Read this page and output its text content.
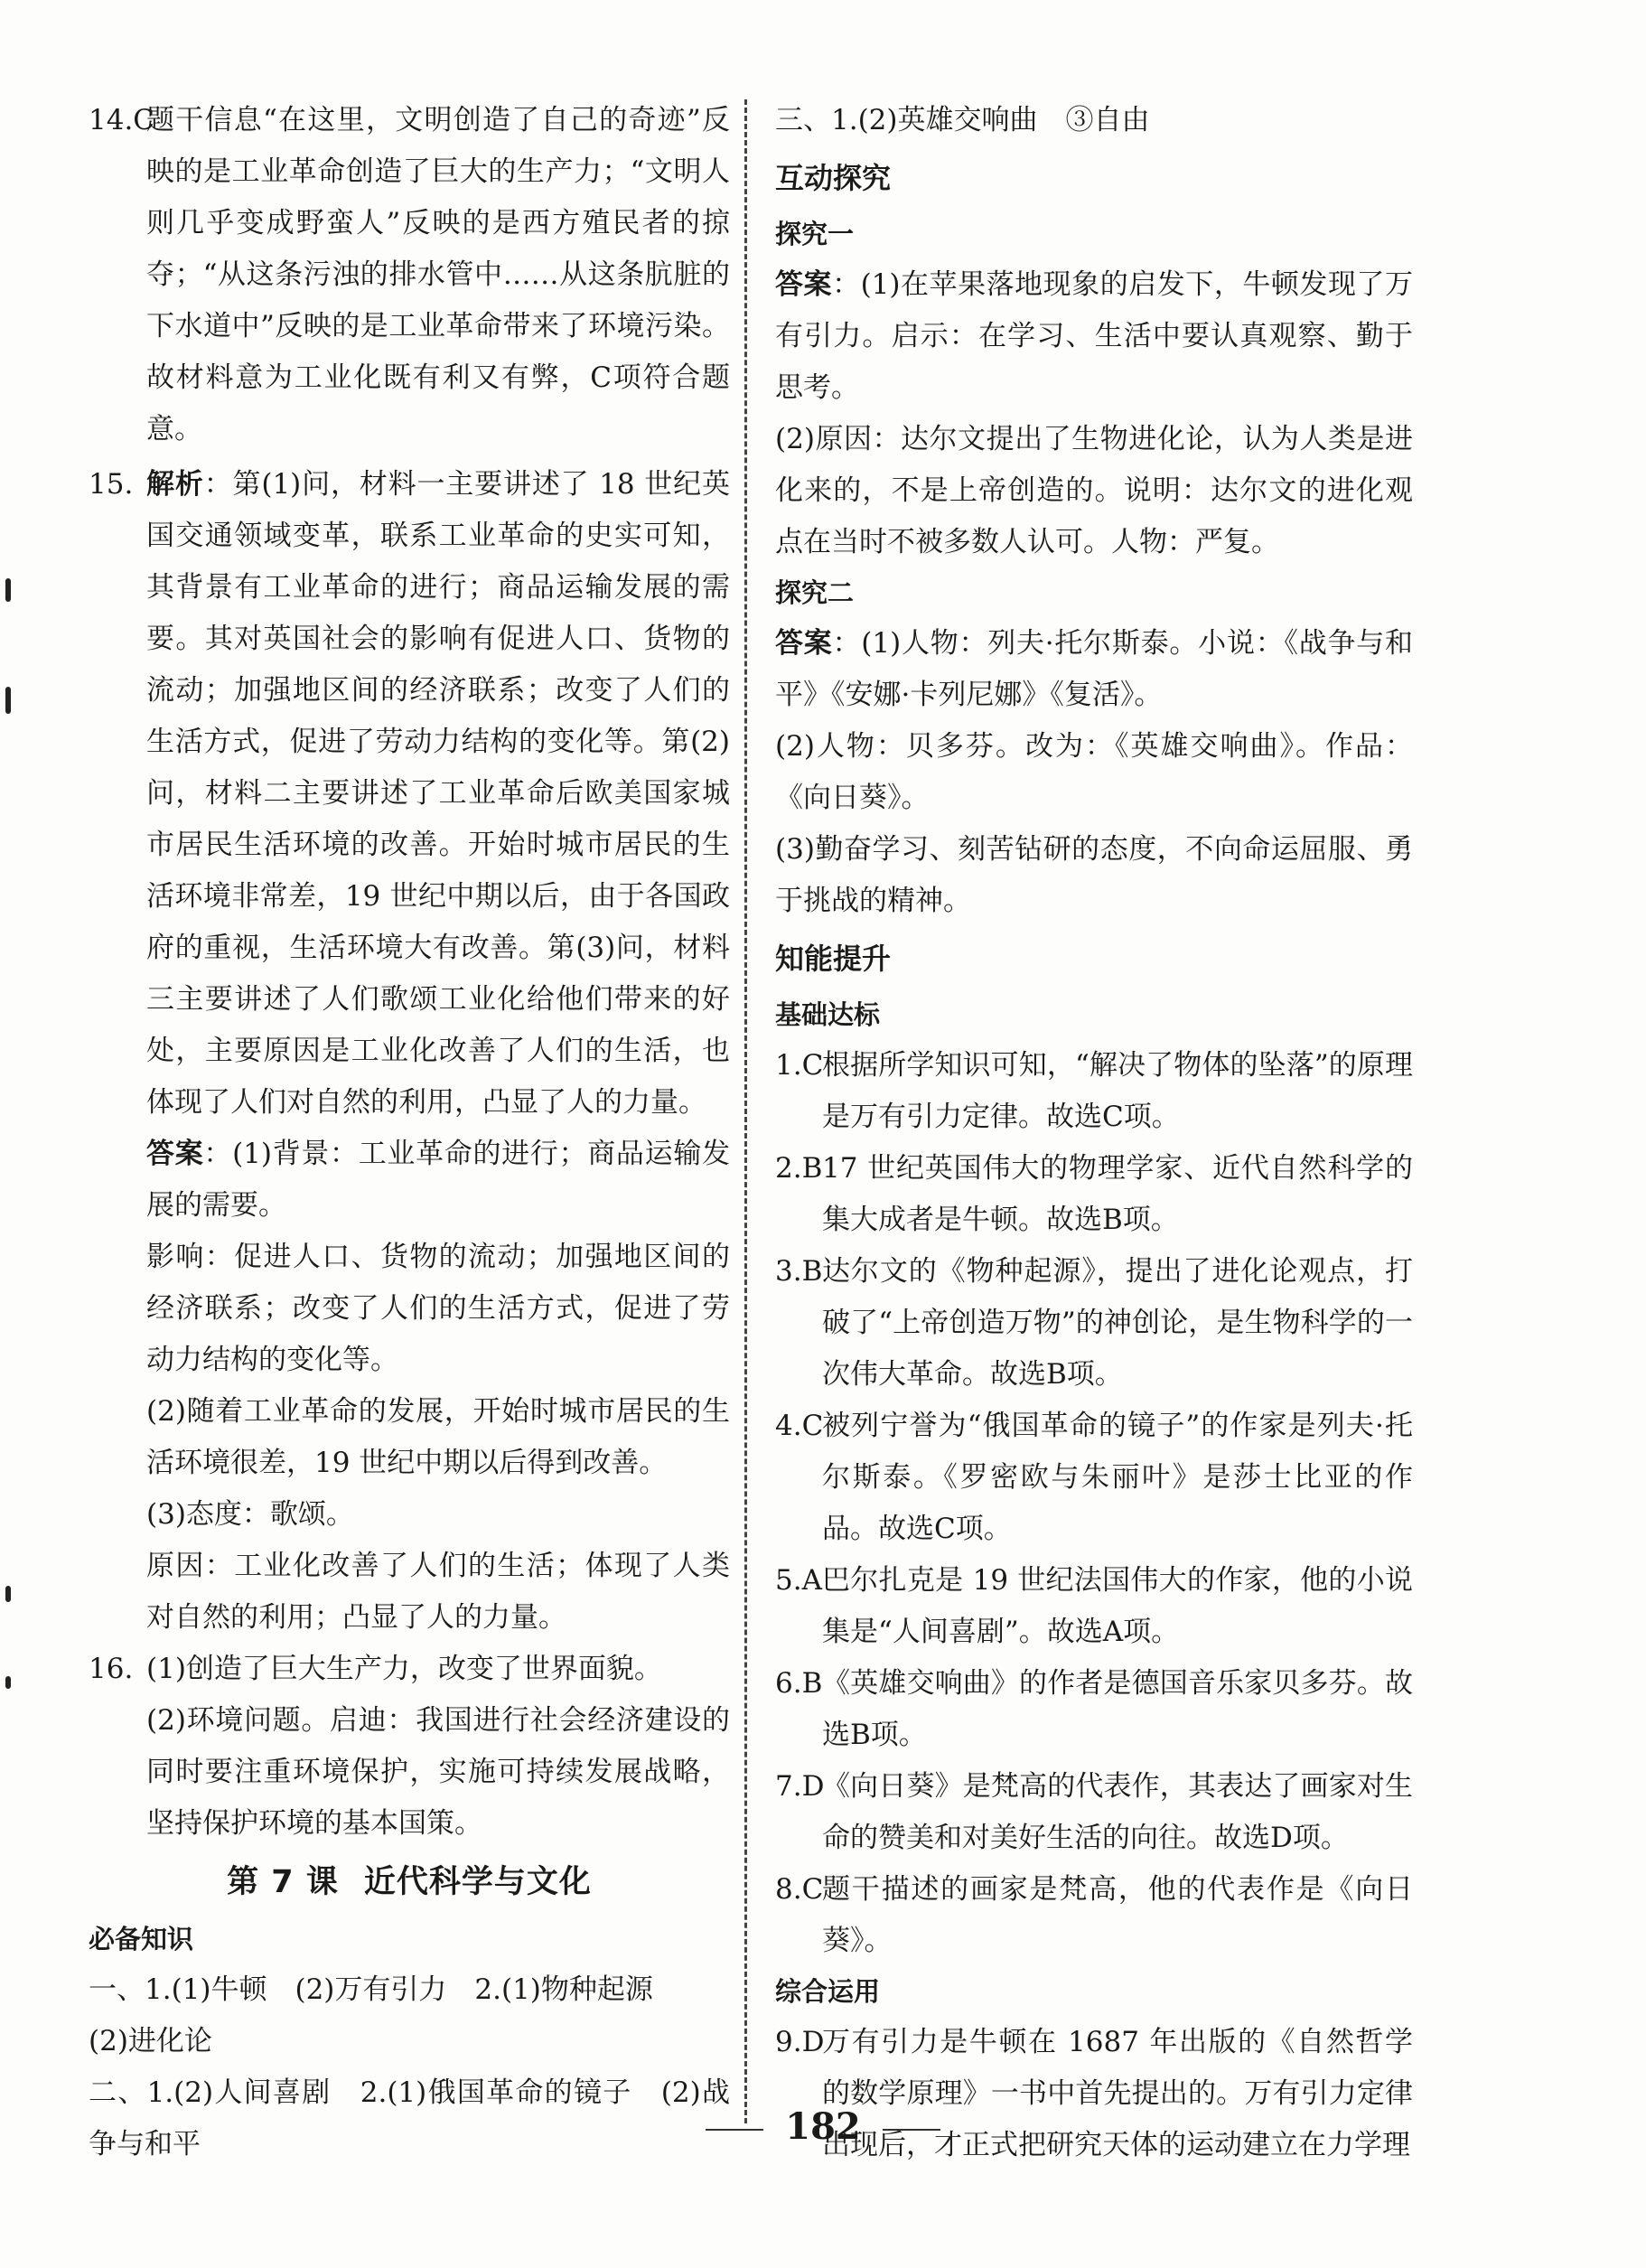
14.C
题干信息“在这里，文明创造了自己的奇迹”反映的是工业革命创造了巨大的生产力；“文明人则几乎变成野蛮人”反映的是西方殖民者的掠夺；“从这条污浊的排水管中……从这条肮脏的下水道中”反映的是工业革命带来了环境污染。故材料意为工业化既有利又有弊，C项符合题意。

15. 解析：第(1)问，材料一主要讲述了 18 世纪英国交通领域变革，联系工业革命的史实可知，其背景有工业革命的进行；商品运输发展的需要。其对英国社会的影响有促进人口、货物的流动；加强地区间的经济联系；改变了人们的生活方式，促进了劳动力结构的变化等。第(2)问，材料二主要讲述了工业革命后欧美国家城市居民生活环境的改善。开始时城市居民的生活环境非常差，19 世纪中期以后，由于各国政府的重视，生活环境大有改善。第(3)问，材料三主要讲述了人们歌颂工业化给他们带来的好处，主要原因是工业化改善了人们的生活，也体现了人们对自然的利用，凸显了人的力量。

答案：(1)背景：工业革命的进行；商品运输发展的需要。

影响：促进人口、货物的流动；加强地区间的经济联系；改变了人们的生活方式，促进了劳动力结构的变化等。

(2)随着工业革命的发展，开始时城市居民的生活环境很差，19 世纪中期以后得到改善。

(3)态度：歌颂。

原因：工业化改善了人们的生活；体现了人类对自然的利用；凸显了人的力量。

16. (1)创造了巨大生产力，改变了世界面貌。

(2)环境问题。启迪：我国进行社会经济建设的同时要注重环境保护，实施可持续发展战略，坚持保护环境的基本国策。

第 7 课 近代科学与文化

必备知识

一、1.(1)牛顿　(2)万有引力　2.(1)物种起源

(2)进化论

二、1.(2)人间喜剧　2.(1)俄国革命的镜子　(2)战争与和平

三、1.(2)英雄交响曲　③自由

互动探究

探究一

答案：(1)在苹果落地现象的启发下，牛顿发现了万有引力。启示：在学习、生活中要认真观察、勤于思考。

(2)原因：达尔文提出了生物进化论，认为人类是进化来的，不是上帝创造的。说明：达尔文的进化观点在当时不被多数人认可。人物：严复。

探究二

答案：(1)人物：列夫·托尔斯泰。小说：《战争与和平》《安娜·卡列尼娜》《复活》。

(2)人物：贝多芬。改为：《英雄交响曲》。作品：《向日葵》。

(3)勤奋学习、刻苦钻研的态度，不向命运屈服、勇于挑战的精神。

知能提升

基础达标

1.C
根据所学知识可知，“解决了物体的坠落”的原理是万有引力定律。故选C项。

2.B 17 世纪英国伟大的物理学家、近代自然科学的集大成者是牛顿。故选B项。

3.B 达尔文的《物种起源》，提出了进化论观点，打破了“上帝创造万物”的神创论，是生物科学的一次伟大革命。故选B项。

4.C
被列宁誉为“俄国革命的镜子”的作家是列夫·托尔斯泰。《罗密欧与朱丽叶》是莎士比亚的作品。故选C项。

5.A 巴尔扎克是 19 世纪法国伟大的作家，他的小说集是“人间喜剧”。故选A项。

6.B 《英雄交响曲》的作者是德国音乐家贝多芬。故选B项。

7.D
《向日葵》是梵高的代表作，其表达了画家对生命的赞美和对美好生活的向往。故选D项。

8.C
题干描述的画家是梵高，他的代表作是《向日葵》。

综合运用

9.D
万有引力是牛顿在 1687 年出版的《自然哲学的数学原理》一书中首先提出的。万有引力定律出现后，才正式把研究天体的运动建立在力学理

182
